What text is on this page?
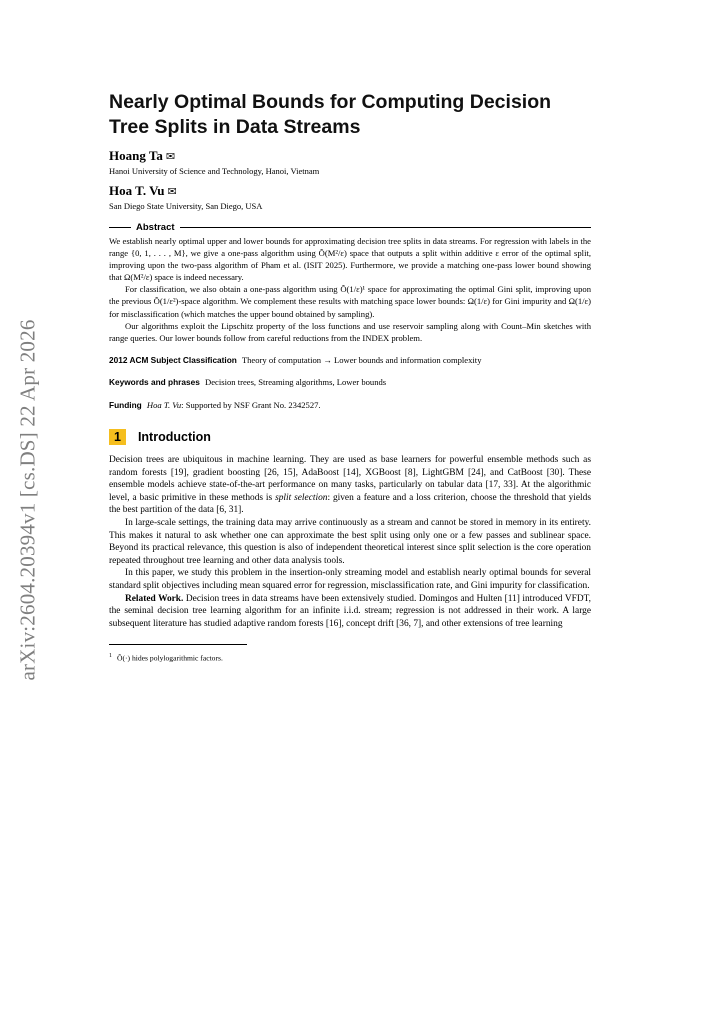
arXiv:2604.20394v1 [cs.DS] 22 Apr 2026
Nearly Optimal Bounds for Computing Decision Tree Splits in Data Streams
Hoang Ta ✉
Hanoi University of Science and Technology, Hanoi, Vietnam
Hoa T. Vu ✉
San Diego State University, San Diego, USA
Abstract

We establish nearly optimal upper and lower bounds for approximating decision tree splits in data streams. For regression with labels in the range {0, 1, . . . , M}, we give a one-pass algorithm using Õ(M²/ε) space that outputs a split within additive ε error of the optimal split, improving upon the two-pass algorithm of Pham et al. (ISIT 2025). Furthermore, we provide a matching one-pass lower bound showing that Ω(M²/ε) space is indeed necessary.

For classification, we also obtain a one-pass algorithm using Õ(1/ε)¹ space for approximating the optimal Gini split, improving upon the previous Õ(1/ε²)-space algorithm. We complement these results with matching space lower bounds: Ω(1/ε) for Gini impurity and Ω(1/ε) for misclassification (which matches the upper bound obtained by sampling).

Our algorithms exploit the Lipschitz property of the loss functions and use reservoir sampling along with Count–Min sketches with range queries. Our lower bounds follow from careful reductions from the INDEX problem.

2012 ACM Subject Classification Theory of computation → Lower bounds and information complexity
Keywords and phrases Decision trees, Streaming algorithms, Lower bounds
Funding Hoa T. Vu: Supported by NSF Grant No. 2342527.
1	Introduction

Decision trees are ubiquitous in machine learning. They are used as base learners for powerful ensemble methods such as random forests [19], gradient boosting [26, 15], AdaBoost [14], XGBoost [8], LightGBM [24], and CatBoost [30]. These ensemble models achieve state-of-the-art performance on many tasks, particularly on tabular data [17, 33]. At the algorithmic level, a basic primitive in these methods is split selection: given a feature and a loss criterion, choose the threshold that yields the best partition of the data [6, 31].

In large-scale settings, the training data may arrive continuously as a stream and cannot be stored in memory in its entirety. This makes it natural to ask whether one can approximate the best split using only one or a few passes and sublinear space. Beyond its practical relevance, this question is also of independent theoretical interest since split selection is the core operation repeated throughout tree learning and other data analysis tools.

In this paper, we study this problem in the insertion-only streaming model and establish nearly optimal bounds for several standard split objectives including mean squared error for regression, misclassification rate, and Gini impurity for classification.

Related Work. Decision trees in data streams have been extensively studied. Domingos and Hulten [11] introduced VFDT, the seminal decision tree learning algorithm for an infinite i.i.d. stream; regression is not addressed in their work. A large subsequent literature has studied adaptive random forests [16], concept drift [36, 7], and other extensions of tree learning

$^1$ Õ(·) hides polylogarithmic factors.
